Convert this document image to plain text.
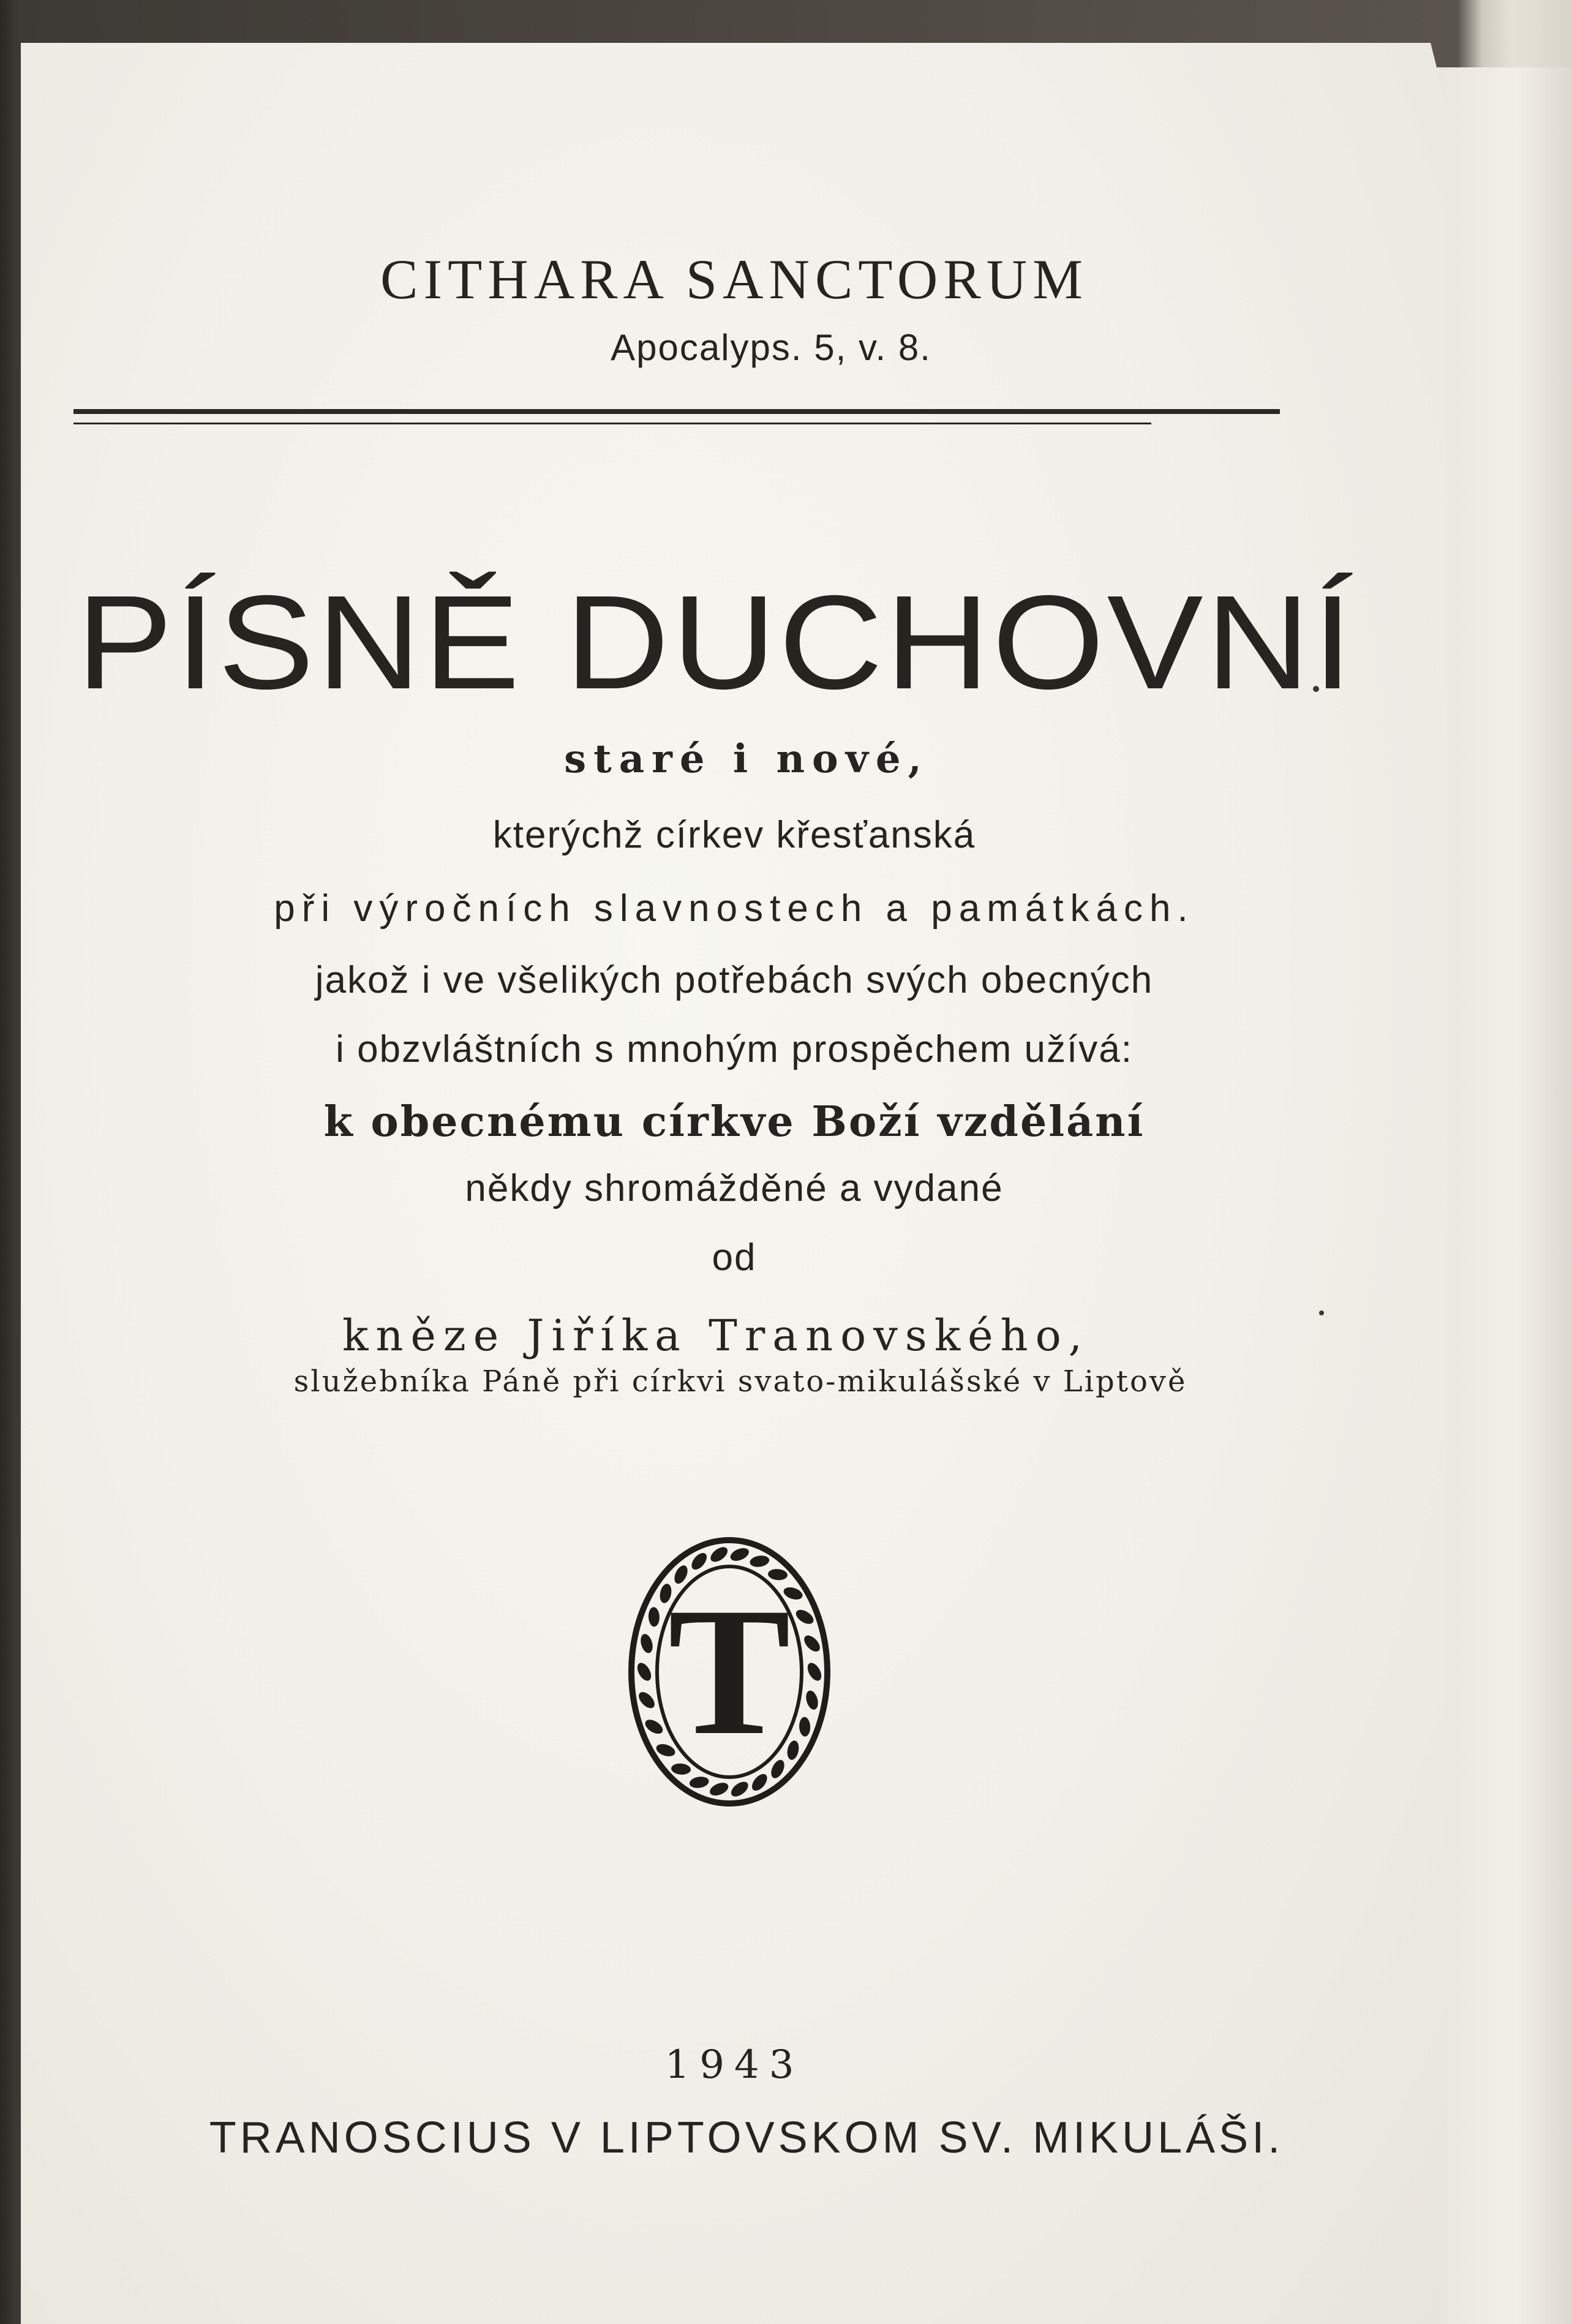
CITHARA SANCTORUM
Apocalyps. 5, v. 8.
PÍSNĚ DUCHOVNÍ
staré i nové,
kterýchž církev křesťanská
při výročních slavnostech a památkách.
jakož i ve všelikých potřebách svých obecných
i obzvláštních s mnohým prospěchem užívá:
k obecnému církve Boží vzdělání
někdy shromážděné a vydané
od
kněze Jiříka Tranovského,
služebníka Páně při církvi svato-mikulášské v Liptově
T
1943
TRANOSCIUS V LIPTOVSKOM SV. MIKULÁŠI.
